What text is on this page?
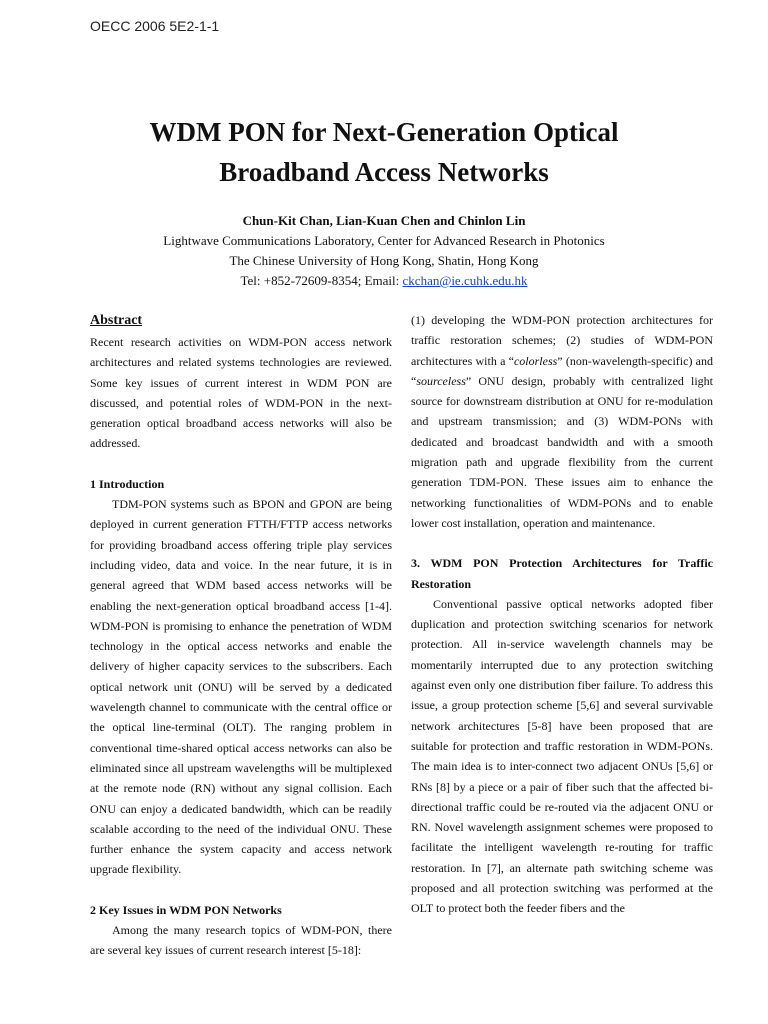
OECC 2006 5E2-1-1
WDM PON for Next-Generation Optical
Broadband Access Networks
Chun-Kit Chan, Lian-Kuan Chen and Chinlon Lin
Lightwave Communications Laboratory, Center for Advanced Research in Photonics
The Chinese University of Hong Kong, Shatin, Hong Kong
Tel: +852-72609-8354; Email: ckchan@ie.cuhk.edu.hk
Abstract

Recent research activities on WDM-PON access network architectures and related systems technologies are reviewed. Some key issues of current interest in WDM PON are discussed, and potential roles of WDM-PON in the next-generation optical broadband access networks will also be addressed.

1 Introduction

TDM-PON systems such as BPON and GPON are being deployed in current generation FTTH/FTTP access networks for providing broadband access offering triple play services including video, data and voice. In the near future, it is in general agreed that WDM based access networks will be enabling the next-generation optical broadband access [1-4]. WDM-PON is promising to enhance the penetration of WDM technology in the optical access networks and enable the delivery of higher capacity services to the subscribers. Each optical network unit (ONU) will be served by a dedicated wavelength channel to communicate with the central office or the optical line-terminal (OLT). The ranging problem in conventional time-shared optical access networks can also be eliminated since all upstream wavelengths will be multiplexed at the remote node (RN) without any signal collision. Each ONU can enjoy a dedicated bandwidth, which can be readily scalable according to the need of the individual ONU. These further enhance the system capacity and access network upgrade flexibility.

2 Key Issues in WDM PON Networks

Among the many research topics of WDM-PON, there are several key issues of current research interest [5-18]:

(1) developing the WDM-PON protection architectures for traffic restoration schemes; (2) studies of WDM-PON architectures with a “colorless” (non-wavelength-specific) and “sourceless” ONU design, probably with centralized light source for downstream distribution at ONU for re-modulation and upstream transmission; and (3) WDM-PONs with dedicated and broadcast bandwidth and with a smooth migration path and upgrade flexibility from the current generation TDM-PON. These issues aim to enhance the networking functionalities of WDM-PONs and to enable lower cost installation, operation and maintenance.

3. WDM PON Protection Architectures for Traffic Restoration

Conventional passive optical networks adopted fiber duplication and protection switching scenarios for network protection. All in-service wavelength channels may be momentarily interrupted due to any protection switching against even only one distribution fiber failure. To address this issue, a group protection scheme [5,6] and several survivable network architectures [5-8] have been proposed that are suitable for protection and traffic restoration in WDM-PONs. The main idea is to inter-connect two adjacent ONUs [5,6] or RNs [8] by a piece or a pair of fiber such that the affected bi-directional traffic could be re-routed via the adjacent ONU or RN. Novel wavelength assignment schemes were proposed to facilitate the intelligent wavelength re-routing for traffic restoration. In [7], an alternate path switching scheme was proposed and all protection switching was performed at the OLT to protect both the feeder fibers and the
